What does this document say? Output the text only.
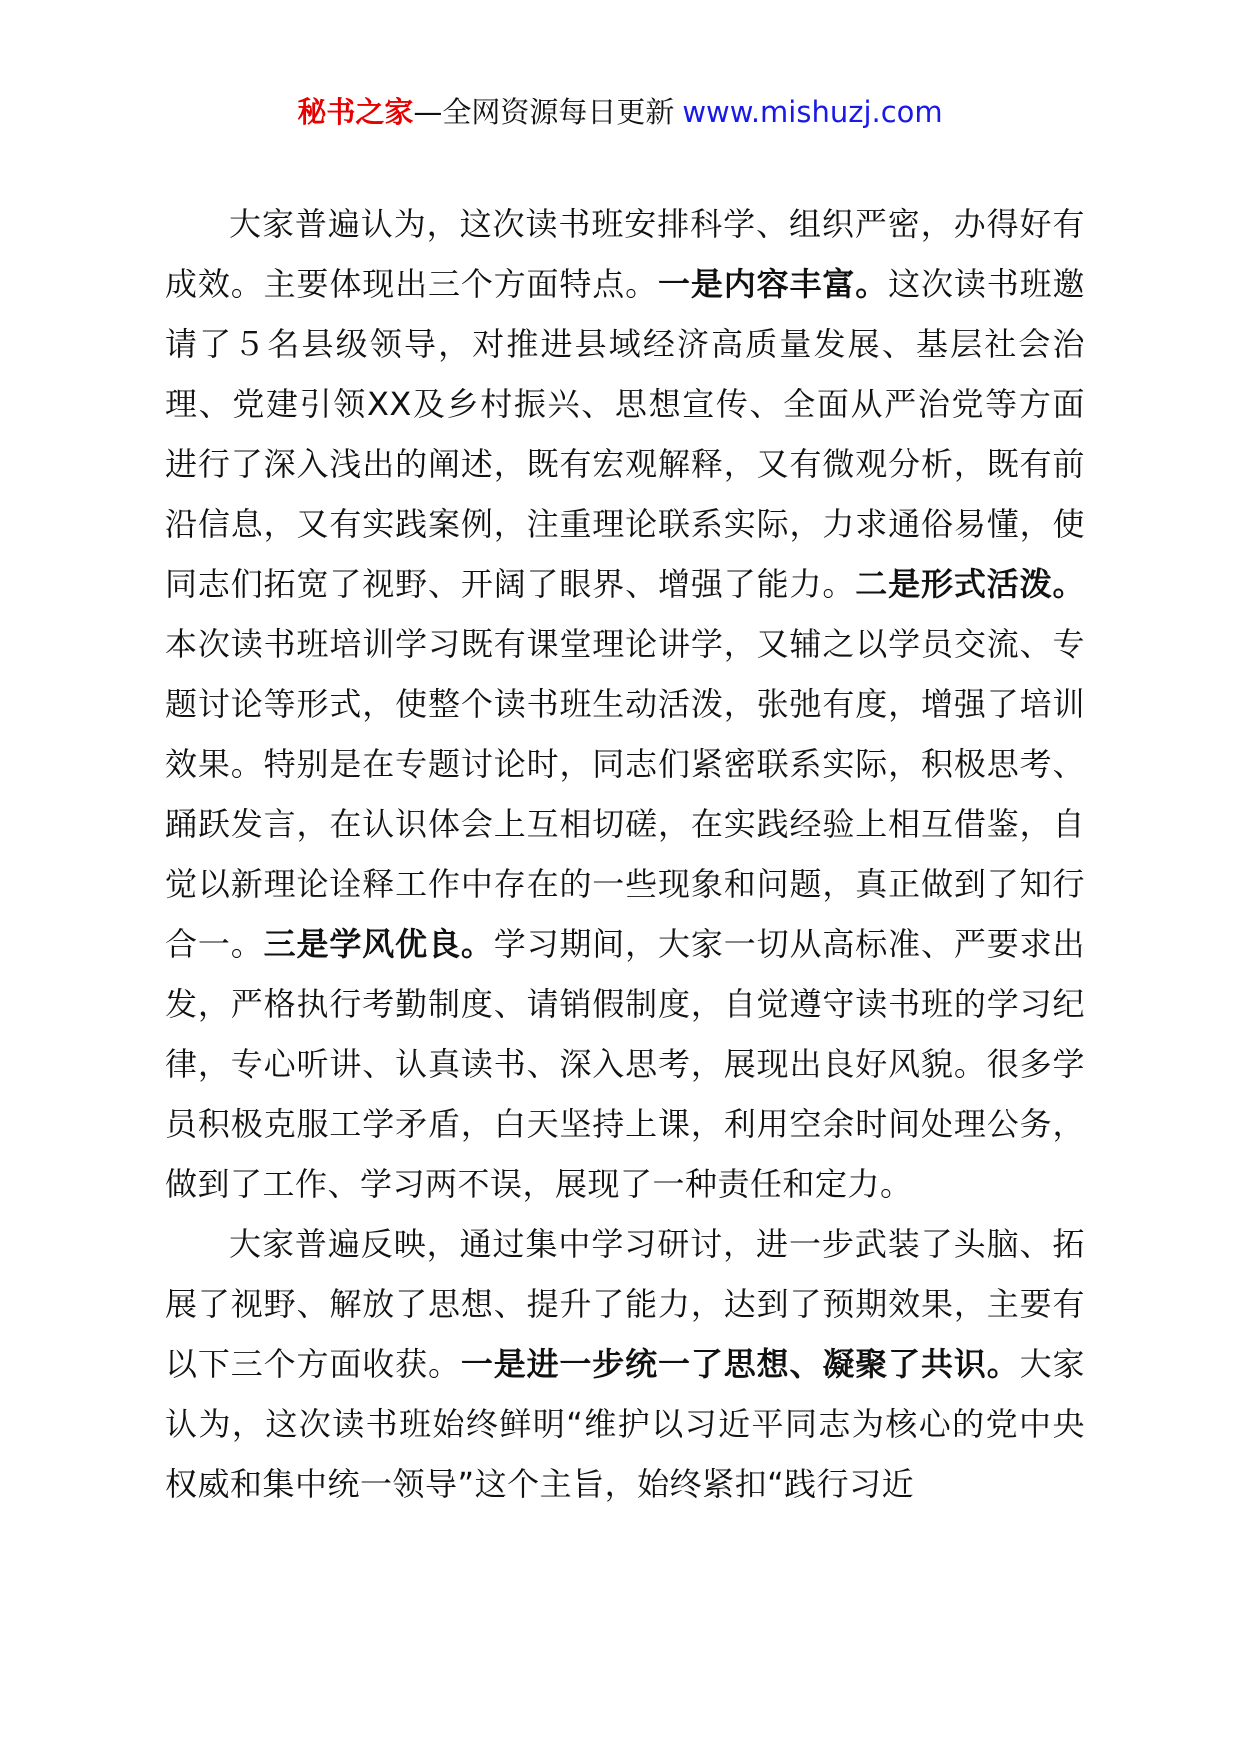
秘书之家—全网资源每日更新 www.mishuzj.com

大家普遍认为，这次读书班安排科学、组织严密，办得好有成效。主要体现出三个方面特点。一是内容丰富。这次读书班邀请了５名县级领导，对推进县域经济高质量发展、基层社会治理、党建引领XX及乡村振兴、思想宣传、全面从严治党等方面进行了深入浅出的阐述，既有宏观解释，又有微观分析，既有前沿信息，又有实践案例，注重理论联系实际，力求通俗易懂，使同志们拓宽了视野、开阔了眼界、增强了能力。二是形式活泼。本次读书班培训学习既有课堂理论讲学，又辅之以学员交流、专题讨论等形式，使整个读书班生动活泼，张弛有度，增强了培训效果。特别是在专题讨论时，同志们紧密联系实际，积极思考、踊跃发言，在认识体会上互相切磋，在实践经验上相互借鉴，自觉以新理论诠释工作中存在的一些现象和问题，真正做到了知行合一。三是学风优良。学习期间，大家一切从高标准、严要求出发，严格执行考勤制度、请销假制度，自觉遵守读书班的学习纪律，专心听讲、认真读书、深入思考，展现出良好风貌。很多学员积极克服工学矛盾，白天坚持上课，利用空余时间处理公务，做到了工作、学习两不误，展现了一种责任和定力。

大家普遍反映，通过集中学习研讨，进一步武装了头脑、拓展了视野、解放了思想、提升了能力，达到了预期效果，主要有以下三个方面收获。一是进一步统一了思想、凝聚了共识。大家认为，这次读书班始终鲜明“维护以习近平同志为核心的党中央权威和集中统一领导”这个主旨，始终紧扣“践行习近
